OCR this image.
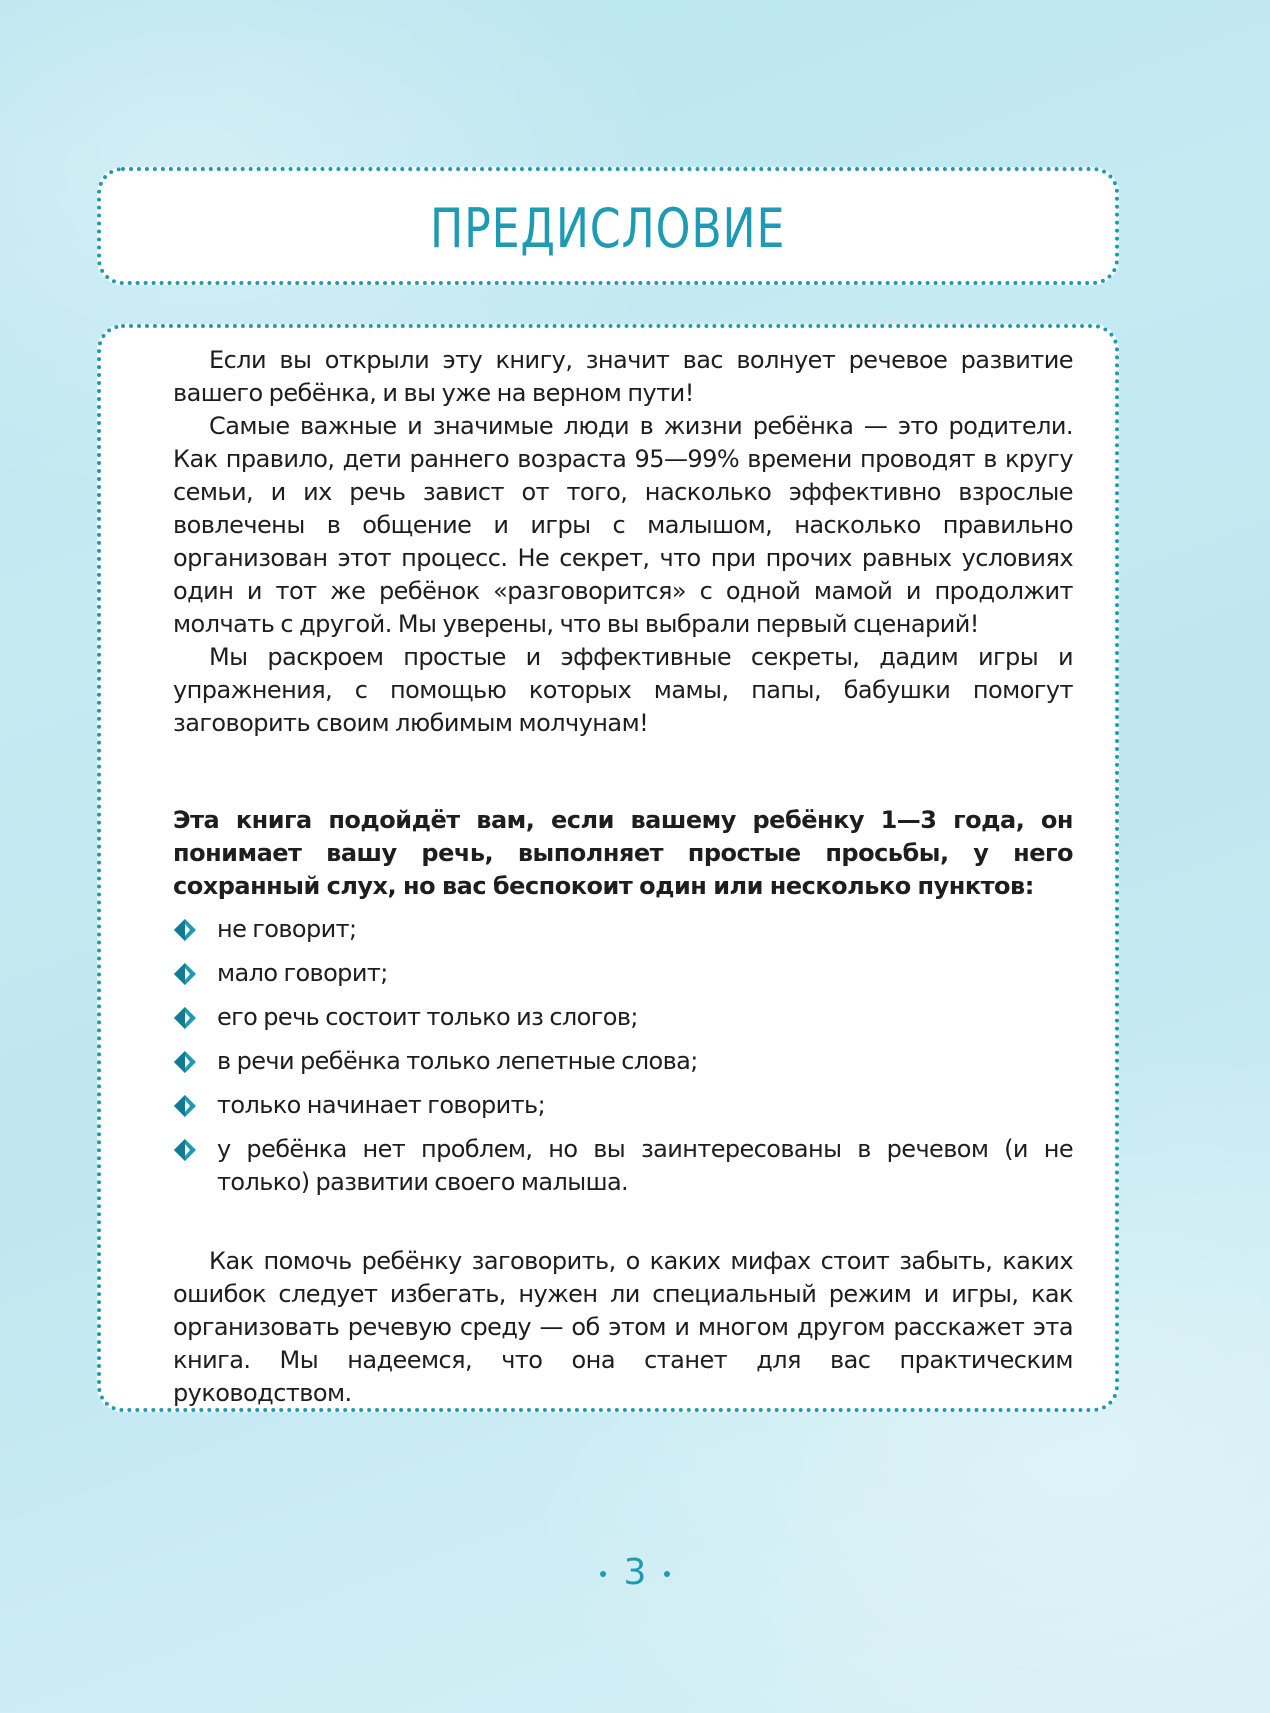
ПРЕДИСЛОВИЕ

Если вы открыли эту книгу, значит вас волнует речевое развитие вашего ребёнка, и вы уже на верном пути!

Самые важные и значимые люди в жизни ребёнка — это родители. Как правило, дети раннего возраста 95—99% времени проводят в кругу семьи, и их речь завист от того, насколько эффективно взрослые вовлечены в общение и игры с малышом, насколько правильно организован этот процесс. Не секрет, что при прочих равных условиях один и тот же ребёнок «разговорится» с одной мамой и продолжит молчать с другой. Мы уверены, что вы выбрали первый сценарий!

Мы раскроем простые и эффективные секреты, дадим игры и упражнения, с помощью которых мамы, папы, бабушки помогут заговорить своим любимым молчунам!

Эта книга подойдёт вам, если вашему ребёнку 1—3 года, он понимает вашу речь, выполняет простые просьбы, у него сохранный слух, но вас беспокоит один или несколько пунктов:

не говорит;
мало говорит;
его речь состоит только из слогов;
в речи ребёнка только лепетные слова;
только начинает говорить;
у ребёнка нет проблем, но вы заинтересованы в речевом (и не только) развитии своего малыша.

Как помочь ребёнку заговорить, о каких мифах стоит забыть, каких ошибок следует избегать, нужен ли специальный режим и игры, как организовать речевую среду — об этом и многом другом расскажет эта книга. Мы надеемся, что она станет для вас практическим руководством.

3
